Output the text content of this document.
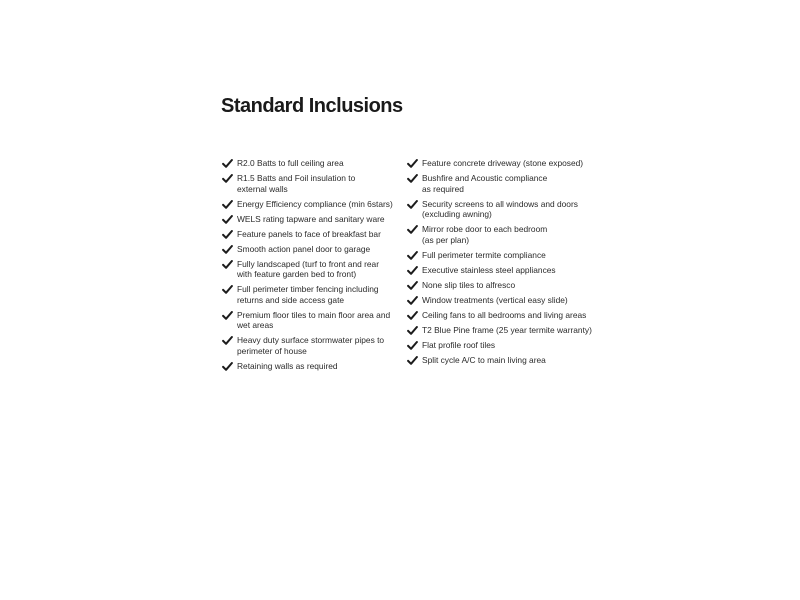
Standard Inclusions
R2.0 Batts to full ceiling area
R1.5 Batts and Foil insulation to
external walls
Energy Efficiency compliance (min 6stars)
WELS rating tapware and sanitary ware
Feature panels to face of breakfast bar
Smooth action panel door to garage
Fully landscaped (turf to front and rear
with feature garden bed to front)
Full perimeter timber fencing including
returns and side access gate
Premium floor tiles to main floor area and
wet areas
Heavy duty surface stormwater pipes to
perimeter of house
Retaining walls as required
Feature concrete driveway (stone exposed)
Bushfire and Acoustic compliance
as required
Security screens to all windows and doors
(excluding awning)
Mirror robe door to each bedroom
(as per plan)
Full perimeter termite compliance
Executive stainless steel appliances
None slip tiles to alfresco
Window treatments (vertical easy slide)
Ceiling fans to all bedrooms and living areas
T2 Blue Pine frame (25 year termite warranty)
Flat profile roof tiles
Split cycle A/C to main living area
